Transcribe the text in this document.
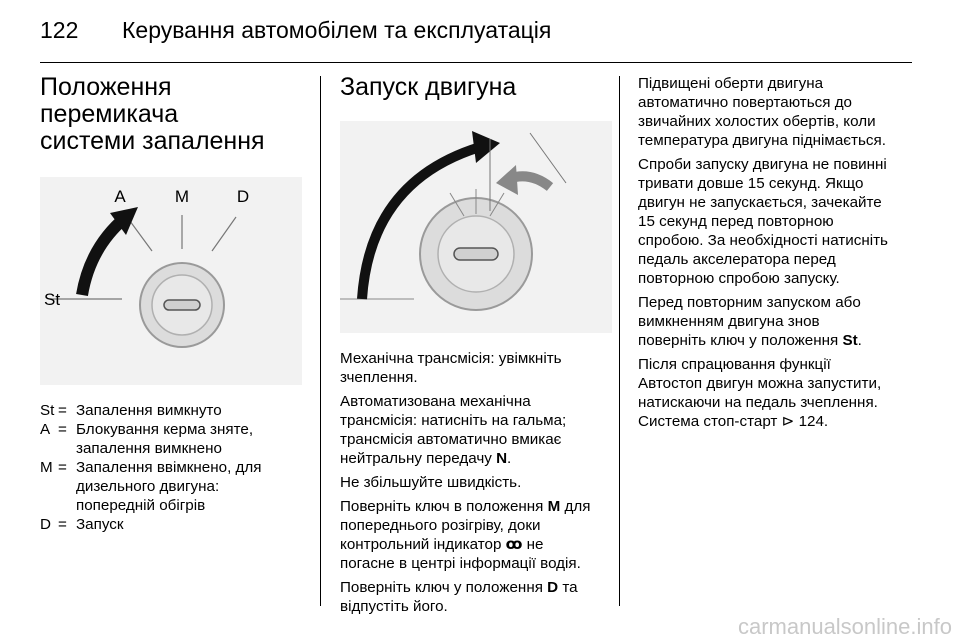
122 Керування автомобілем та експлуатація
Положення перемикача
системи запалення
A	M	D
St
St = Запалення вимкнуто
A = Блокування керма зняте,
запалення вимкнено
M = Запалення ввімкнено, для
дизельного двигуна:
попередній обігрів
D = Запуск
Запуск двигуна

Механічна трансмісія: увімкніть
зчеплення.

Автоматизована механічна
трансмісія: натисніть на гальма;
трансмісія автоматично вмикає
нейтральну передачу N.

Не збільшуйте швидкість.

Поверніть ключ в положення M для
попереднього розігріву, доки
контрольний індикатор ꝏ не
погасне в центрі інформації водія.

Поверніть ключ у положення D та
відпустіть його.

Підвищені оберти двигуна
автоматично повертаються до
звичайних холостих обертів, коли
температура двигуна піднімається.

Спроби запуску двигуна не повинні
тривати довше 15 секунд. Якщо
двигун не запускається, зачекайте
15 секунд перед повторною
спробою. За необхідності натисніть
педаль акселератора перед
повторною спробою запуску.

Перед повторним запуском або
вимкненням двигуна знов
поверніть ключ у положення St.

Після спрацювання функції
Автостоп двигун можна запустити,
натискаючи на педаль зчеплення.
Система стоп-старт ⊳ 124.

carmanualsonline.info
